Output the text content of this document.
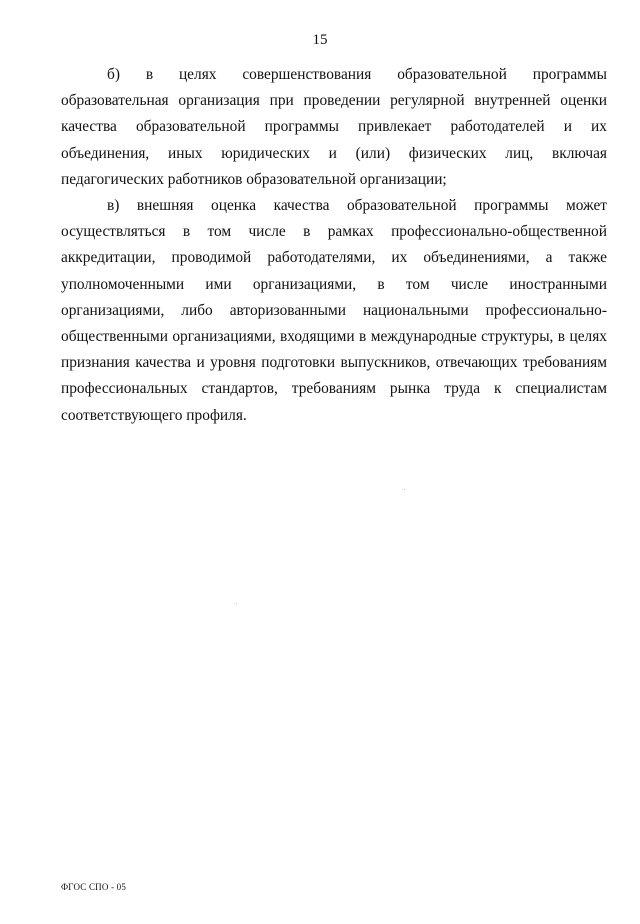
15

б) в целях совершенствования образовательной программы образовательная организация при проведении регулярной внутренней оценки качества образовательной программы привлекает работодателей и их объединения, иных юридических и (или) физических лиц, включая педагогических работников образовательной организации;

в) внешняя оценка качества образовательной программы может осуществляться в том числе в рамках профессионально-общественной аккредитации, проводимой работодателями, их объединениями, а также уполномоченными ими организациями, в том числе иностранными организациями, либо авторизованными национальными профессионально-общественными организациями, входящими в международные структуры, в целях признания качества и уровня подготовки выпускников, отвечающих требованиям профессиональных стандартов, требованиям рынка труда к специалистам соответствующего профиля.

ФГОС СПО - 05
